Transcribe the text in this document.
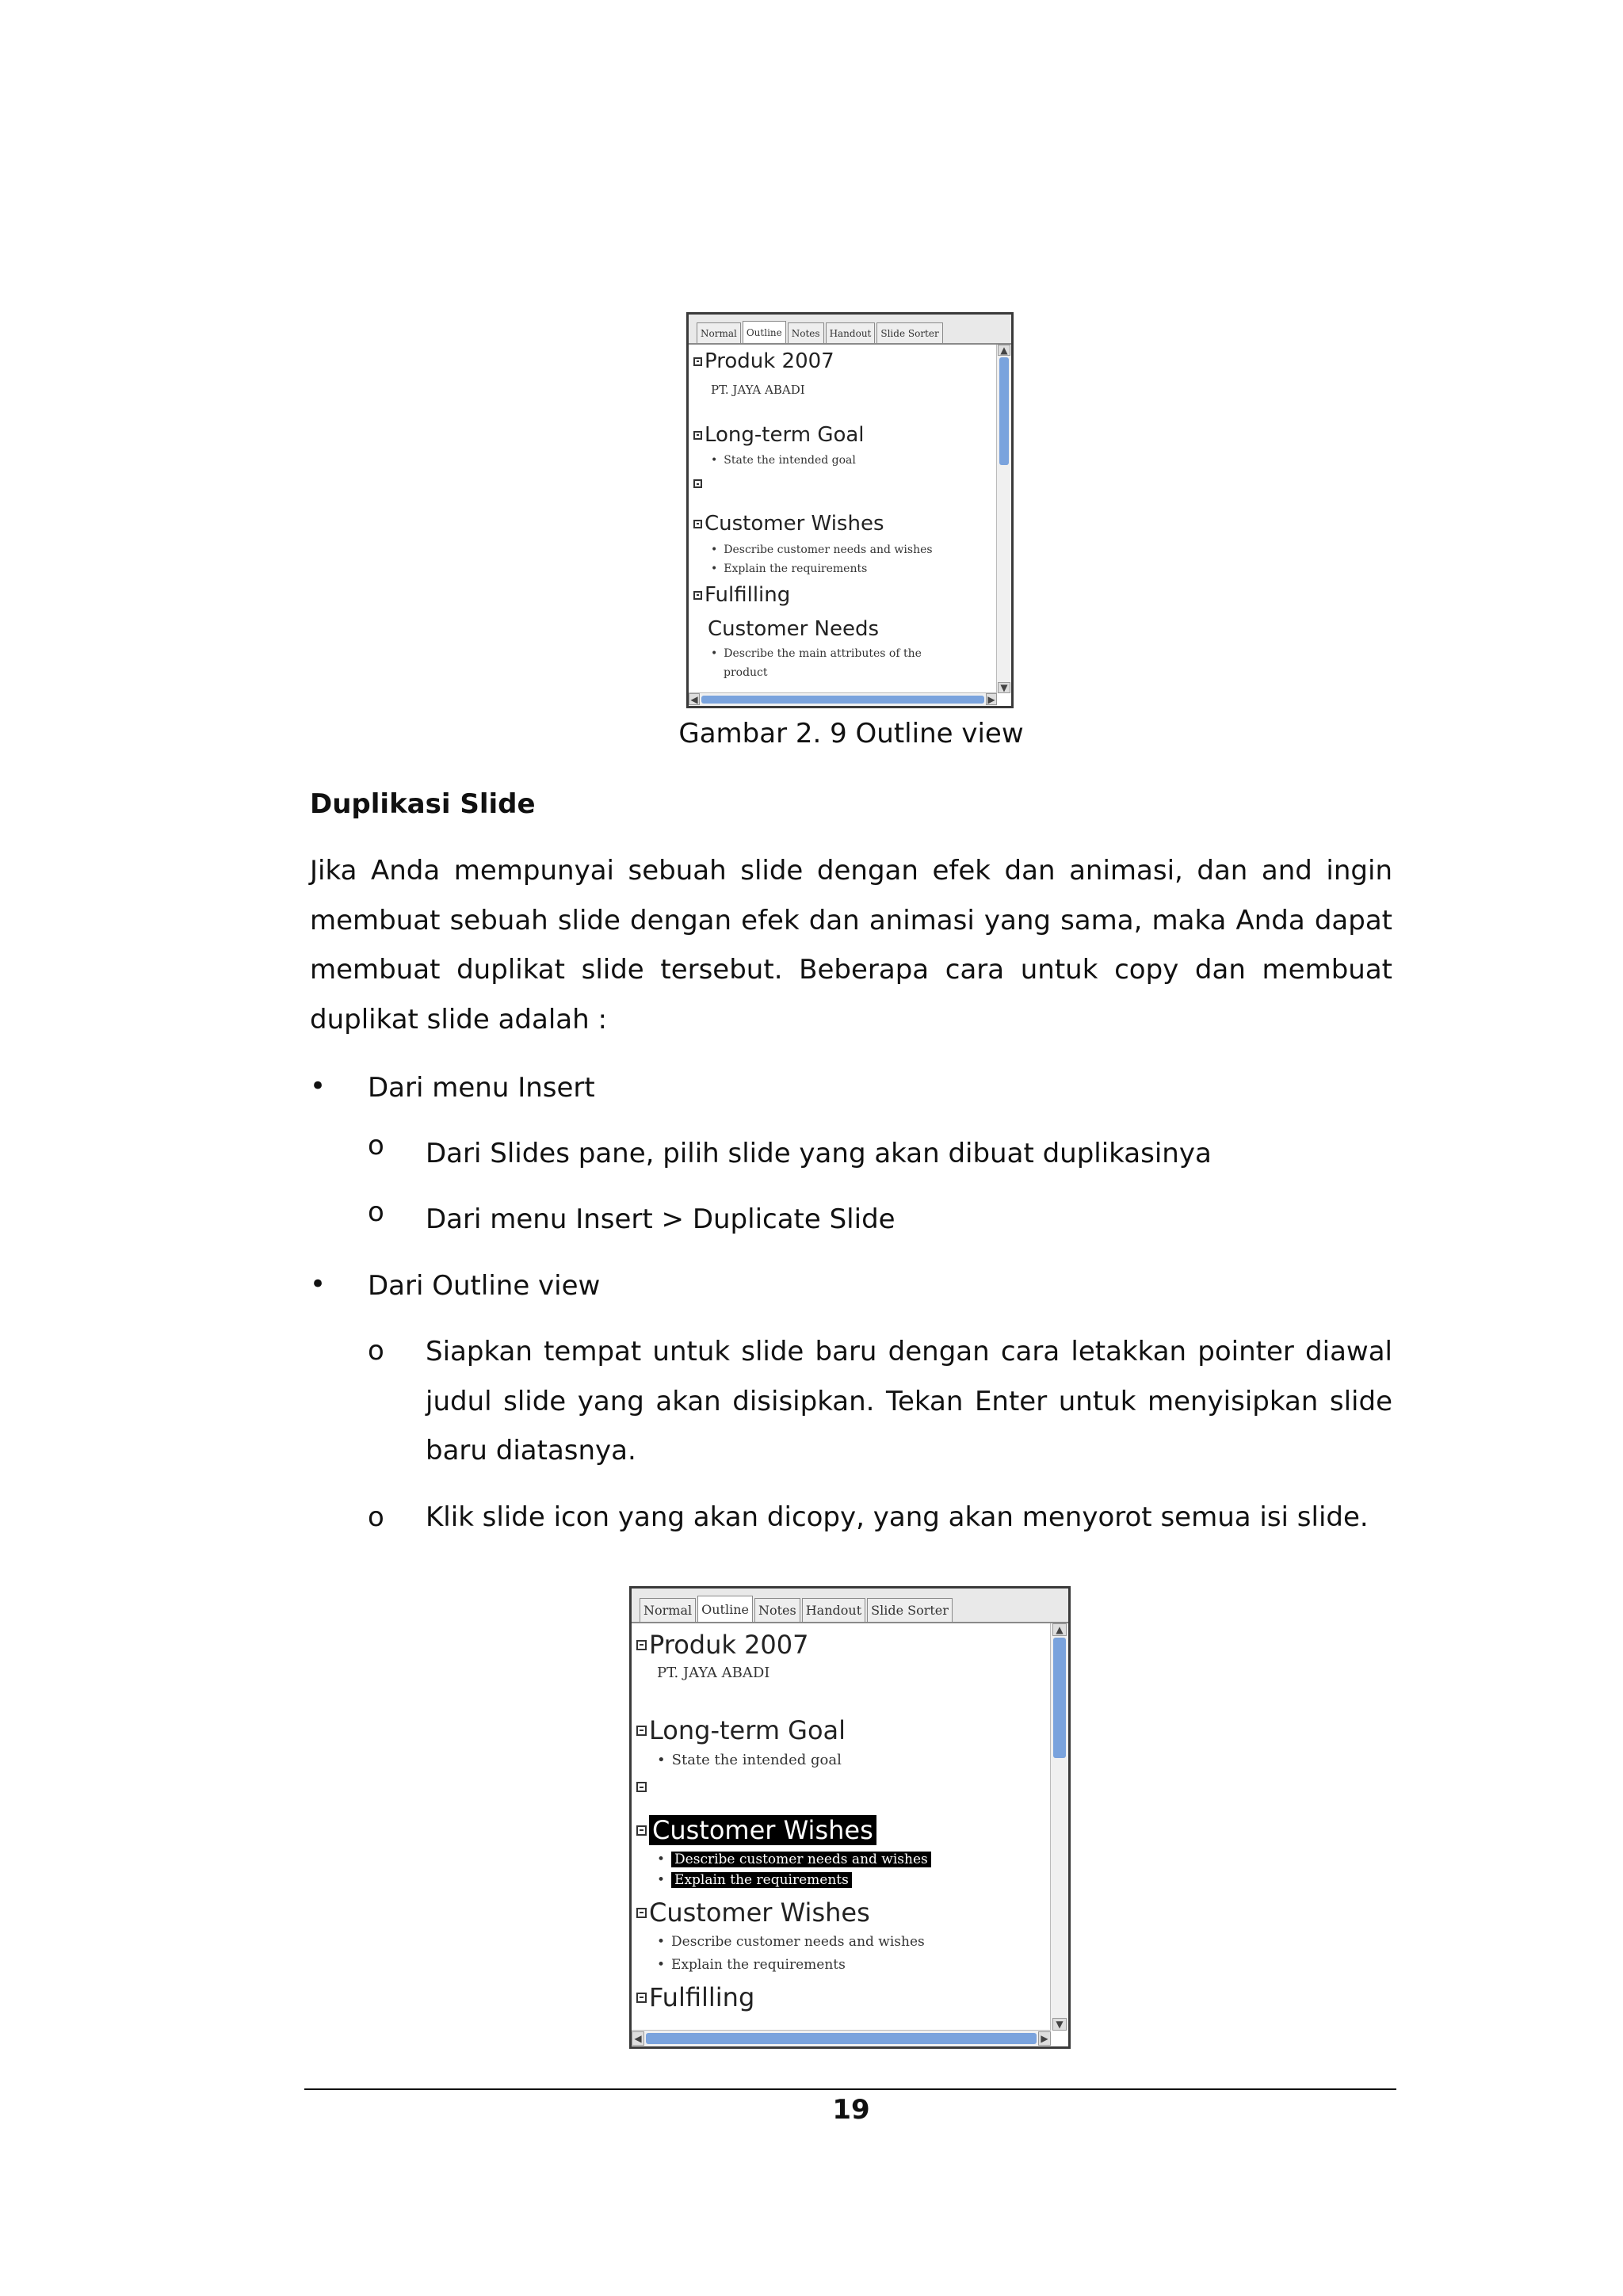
Normal	Outline	Notes	Handout	Slide Sorter
Produk 2007
PT. JAYA ABADI
Long-term Goal
• State the intended goal
Customer Wishes
• Describe customer needs and wishes
• Explain the requirements
Fulfilling
Customer Needs
• Describe the main attributes of the
product
▲
▼
◀	▶
Gambar 2. 9 Outline view
Duplikasi Slide
Jika Anda mempunyai sebuah slide dengan efek dan animasi, dan and ingin membuat sebuah slide dengan efek dan animasi yang sama, maka Anda dapat membuat duplikat slide tersebut. Beberapa cara untuk copy dan membuat duplikat slide adalah :
• Dari menu Insert
o Dari Slides pane, pilih slide yang akan dibuat duplikasinya
o Dari menu Insert > Duplicate Slide
• Dari Outline view
o Siapkan tempat untuk slide baru dengan cara letakkan pointer diawal judul slide yang akan disisipkan. Tekan Enter untuk menyisipkan slide baru diatasnya.
o Klik slide icon yang akan dicopy, yang akan menyorot semua isi slide.
Normal Outline Notes Handout Slide Sorter
Produk 2007
PT. JAYA ABADI
Long-term Goal
• State the intended goal
Customer Wishes
• Describe customer needs and wishes
• Explain the requirements
Customer Wishes
• Describe customer needs and wishes
• Explain the requirements
Fulfilling
▲
▼
◀	▶
19
